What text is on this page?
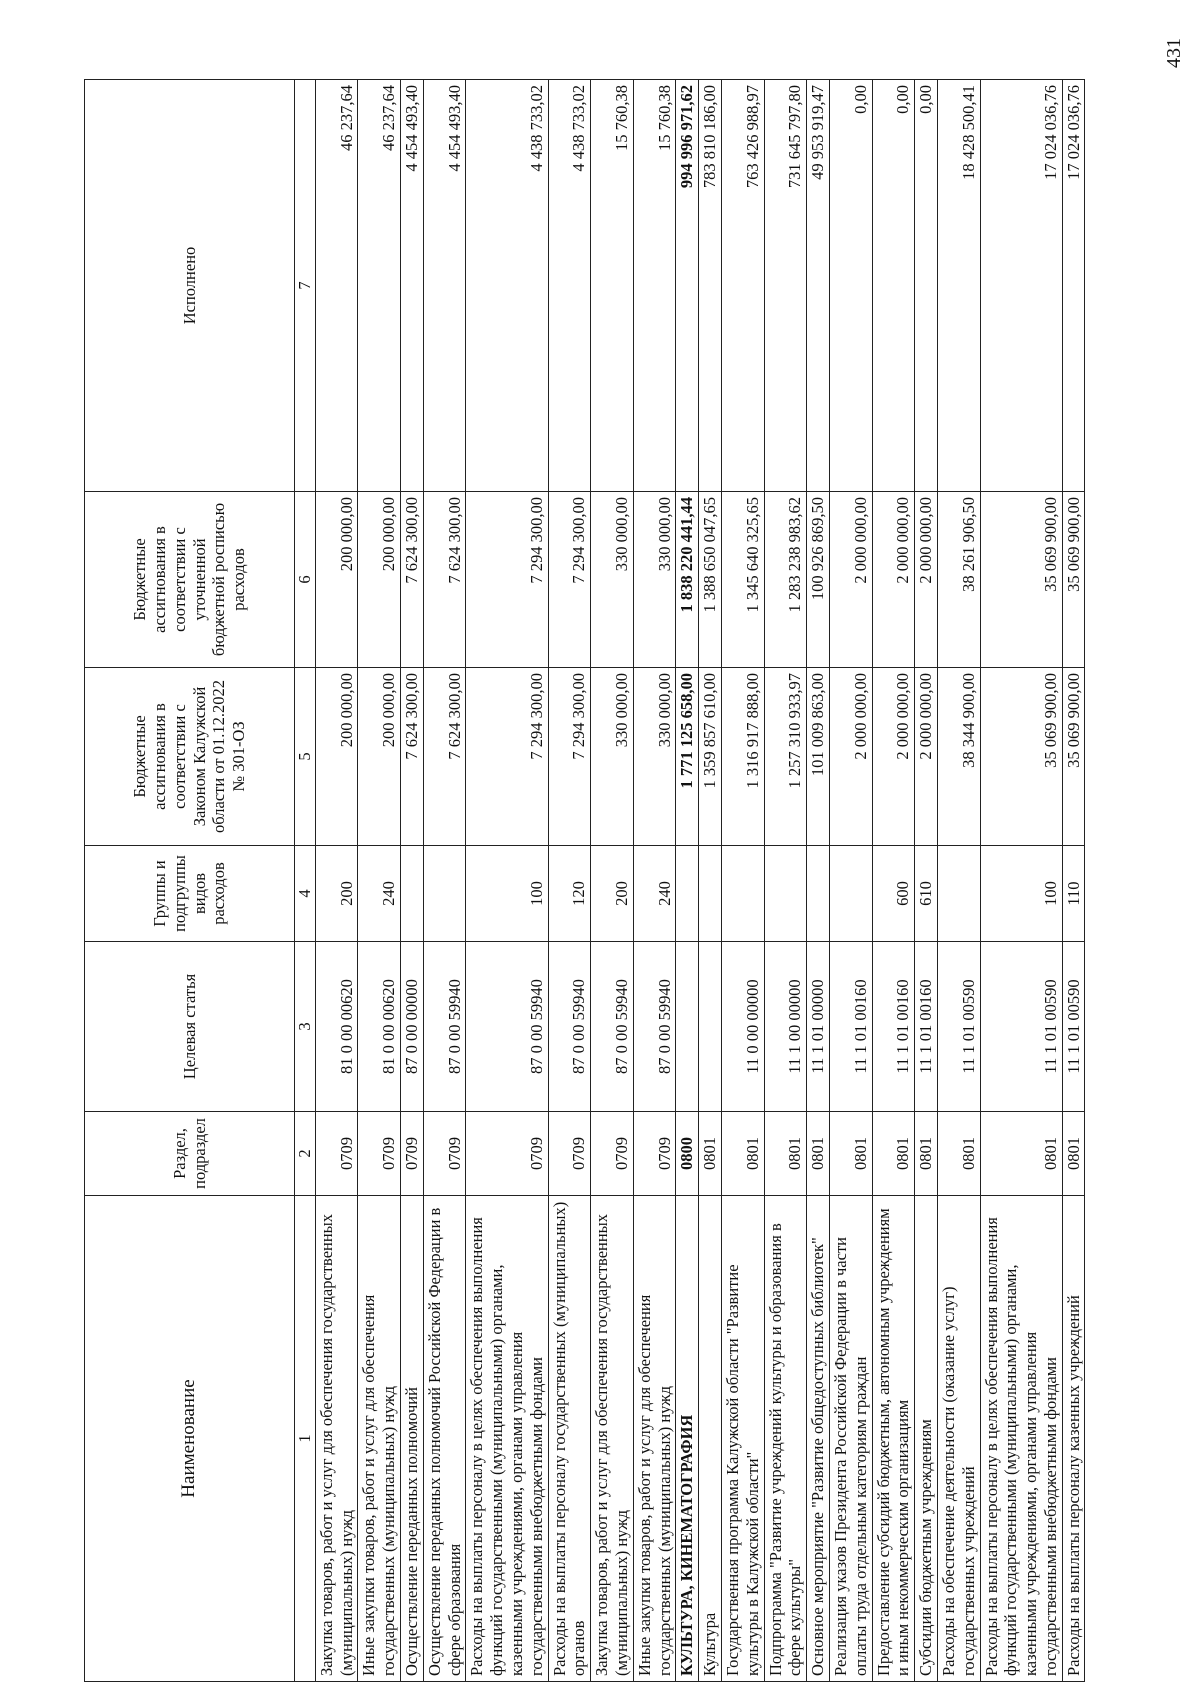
Наименование	Раздел, подраздел	Целевая статья	Группы и подгруппы видов расходов	Бюджетные ассигнования в соответствии с Законом Калужской области от 01.12.2022 № 301-ОЗ	Бюджетные ассигнования в соответствии с уточненной бюджетной росписью расходов	Исполнено
1	2	3	4	5	6	7
Закупка товаров, работ и услуг для обеспечения государственных (муниципальных) нужд	0709	81 0 00 00620	200	200 000,00	200 000,00	46 237,64
Иные закупки товаров, работ и услуг для обеспечения государственных (муниципальных) нужд	0709	81 0 00 00620	240	200 000,00	200 000,00	46 237,64
Осуществление переданных полномочий	0709	87 0 00 00000		7 624 300,00	7 624 300,00	4 454 493,40
Осуществление переданных полномочий Российской Федерации в сфере образования	0709	87 0 00 59940		7 624 300,00	7 624 300,00	4 454 493,40
Расходы на выплаты персоналу в целях обеспечения выполнения функций государственными (муниципальными) органами, казенными учреждениями, органами управления государственными внебюджетными фондами	0709	87 0 00 59940	100	7 294 300,00	7 294 300,00	4 438 733,02
Расходы на выплаты персоналу государственных (муниципальных) органов	0709	87 0 00 59940	120	7 294 300,00	7 294 300,00	4 438 733,02
Закупка товаров, работ и услуг для обеспечения государственных (муниципальных) нужд	0709	87 0 00 59940	200	330 000,00	330 000,00	15 760,38
Иные закупки товаров, работ и услуг для обеспечения государственных (муниципальных) нужд	0709	87 0 00 59940	240	330 000,00	330 000,00	15 760,38
КУЛЬТУРА, КИНЕМАТОГРАФИЯ	0800			1 771 125 658,00	1 838 220 441,44	994 996 971,62
Культура	0801			1 359 857 610,00	1 388 650 047,65	783 810 186,00
Государственная программа Калужской области "Развитие культуры в Калужской области"	0801	11 0 00 00000		1 316 917 888,00	1 345 640 325,65	763 426 988,97
Подпрограмма "Развитие учреждений культуры и образования в сфере культуры"	0801	11 1 00 00000		1 257 310 933,97	1 283 238 983,62	731 645 797,80
Основное мероприятие "Развитие общедоступных библиотек"	0801	11 1 01 00000		101 009 863,00	100 926 869,50	49 953 919,47
Реализация указов Президента Российской Федерации в части оплаты труда отдельным категориям граждан	0801	11 1 01 00160		2 000 000,00	2 000 000,00	0,00
Предоставление субсидий бюджетным, автономным учреждениям и иным некоммерческим организациям	0801	11 1 01 00160	600	2 000 000,00	2 000 000,00	0,00
Субсидии бюджетным учреждениям	0801	11 1 01 00160	610	2 000 000,00	2 000 000,00	0,00
Расходы на обеспечение деятельности (оказание услуг) государственных учреждений	0801	11 1 01 00590		38 344 900,00	38 261 906,50	18 428 500,41
Расходы на выплаты персоналу в целях обеспечения выполнения функций государственными (муниципальными) органами, казенными учреждениями, органами управления государственными внебюджетными фондами	0801	11 1 01 00590	100	35 069 900,00	35 069 900,00	17 024 036,76
Расходы на выплаты персоналу казенных учреждений	0801	11 1 01 00590	110	35 069 900,00	35 069 900,00	17 024 036,76
431
